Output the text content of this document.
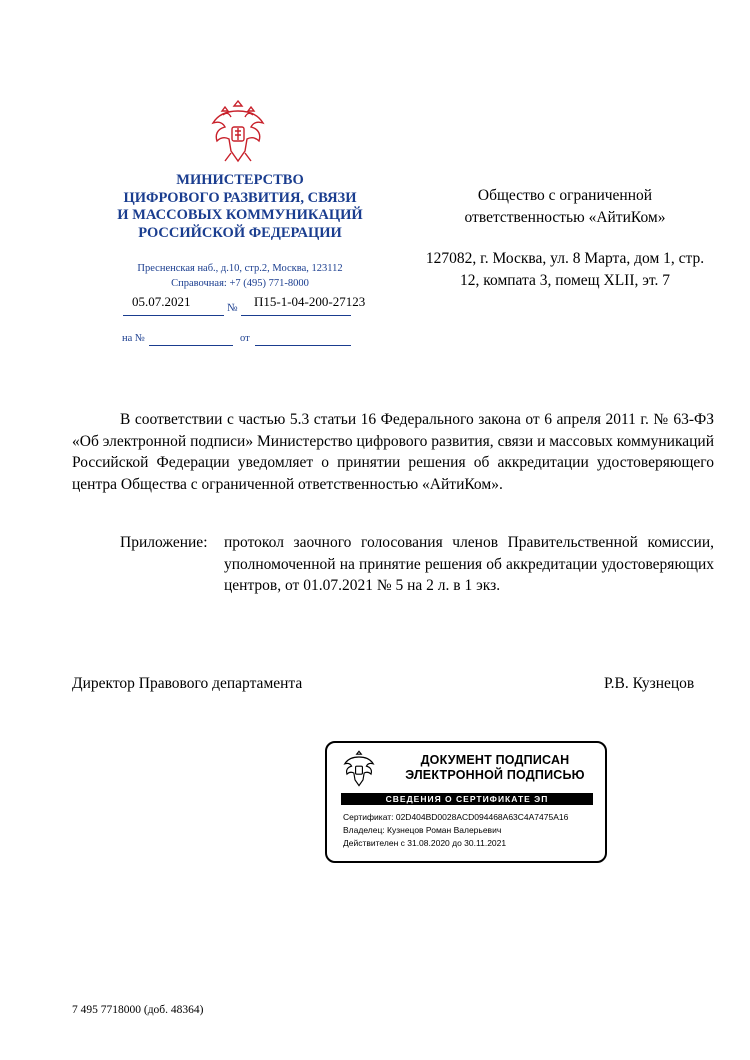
МИНИСТЕРСТВО
ЦИФРОВОГО РАЗВИТИЯ, СВЯЗИ
И МАССОВЫХ КОММУНИКАЦИЙ
РОССИЙСКОЙ ФЕДЕРАЦИИ
Пресненская наб., д.10, стр.2, Москва, 123112
Справочная: +7 (495) 771-8000
05.07.2021	№ П15-1-04-200-27123
на №	от
Общество с ограниченной
ответственностью «АйтиКом»
127082, г. Москва, ул. 8 Марта, дом 1, стр. 12, компата 3, помещ XLII, эт. 7
В соответствии с частью 5.3 статьи 16 Федерального закона от 6 апреля 2011 г. № 63-ФЗ «Об электронной подписи» Министерство цифрового развития, связи и массовых коммуникаций Российской Федерации уведомляет о принятии решения об аккредитации удостоверяющего центра Общества с ограниченной ответственностью «АйтиКом».
Приложение: протокол заочного голосования членов Правительственной комиссии, уполномоченной на принятие решения об аккредитации удостоверяющих центров, от 01.07.2021 № 5 на 2 л. в 1 экз.
Директор Правового департамента	Р.В. Кузнецов
ДОКУМЕНТ ПОДПИСАН
ЭЛЕКТРОННОЙ ПОДПИСЬЮ
СВЕДЕНИЯ О СЕРТИФИКАТЕ ЭП
Сертификат: 02D404BD0028ACD094468A63C4A7475A16
Владелец: Кузнецов Роман Валерьевич
Действителен с 31.08.2020 до 30.11.2021
7 495 7718000 (доб. 48364)
